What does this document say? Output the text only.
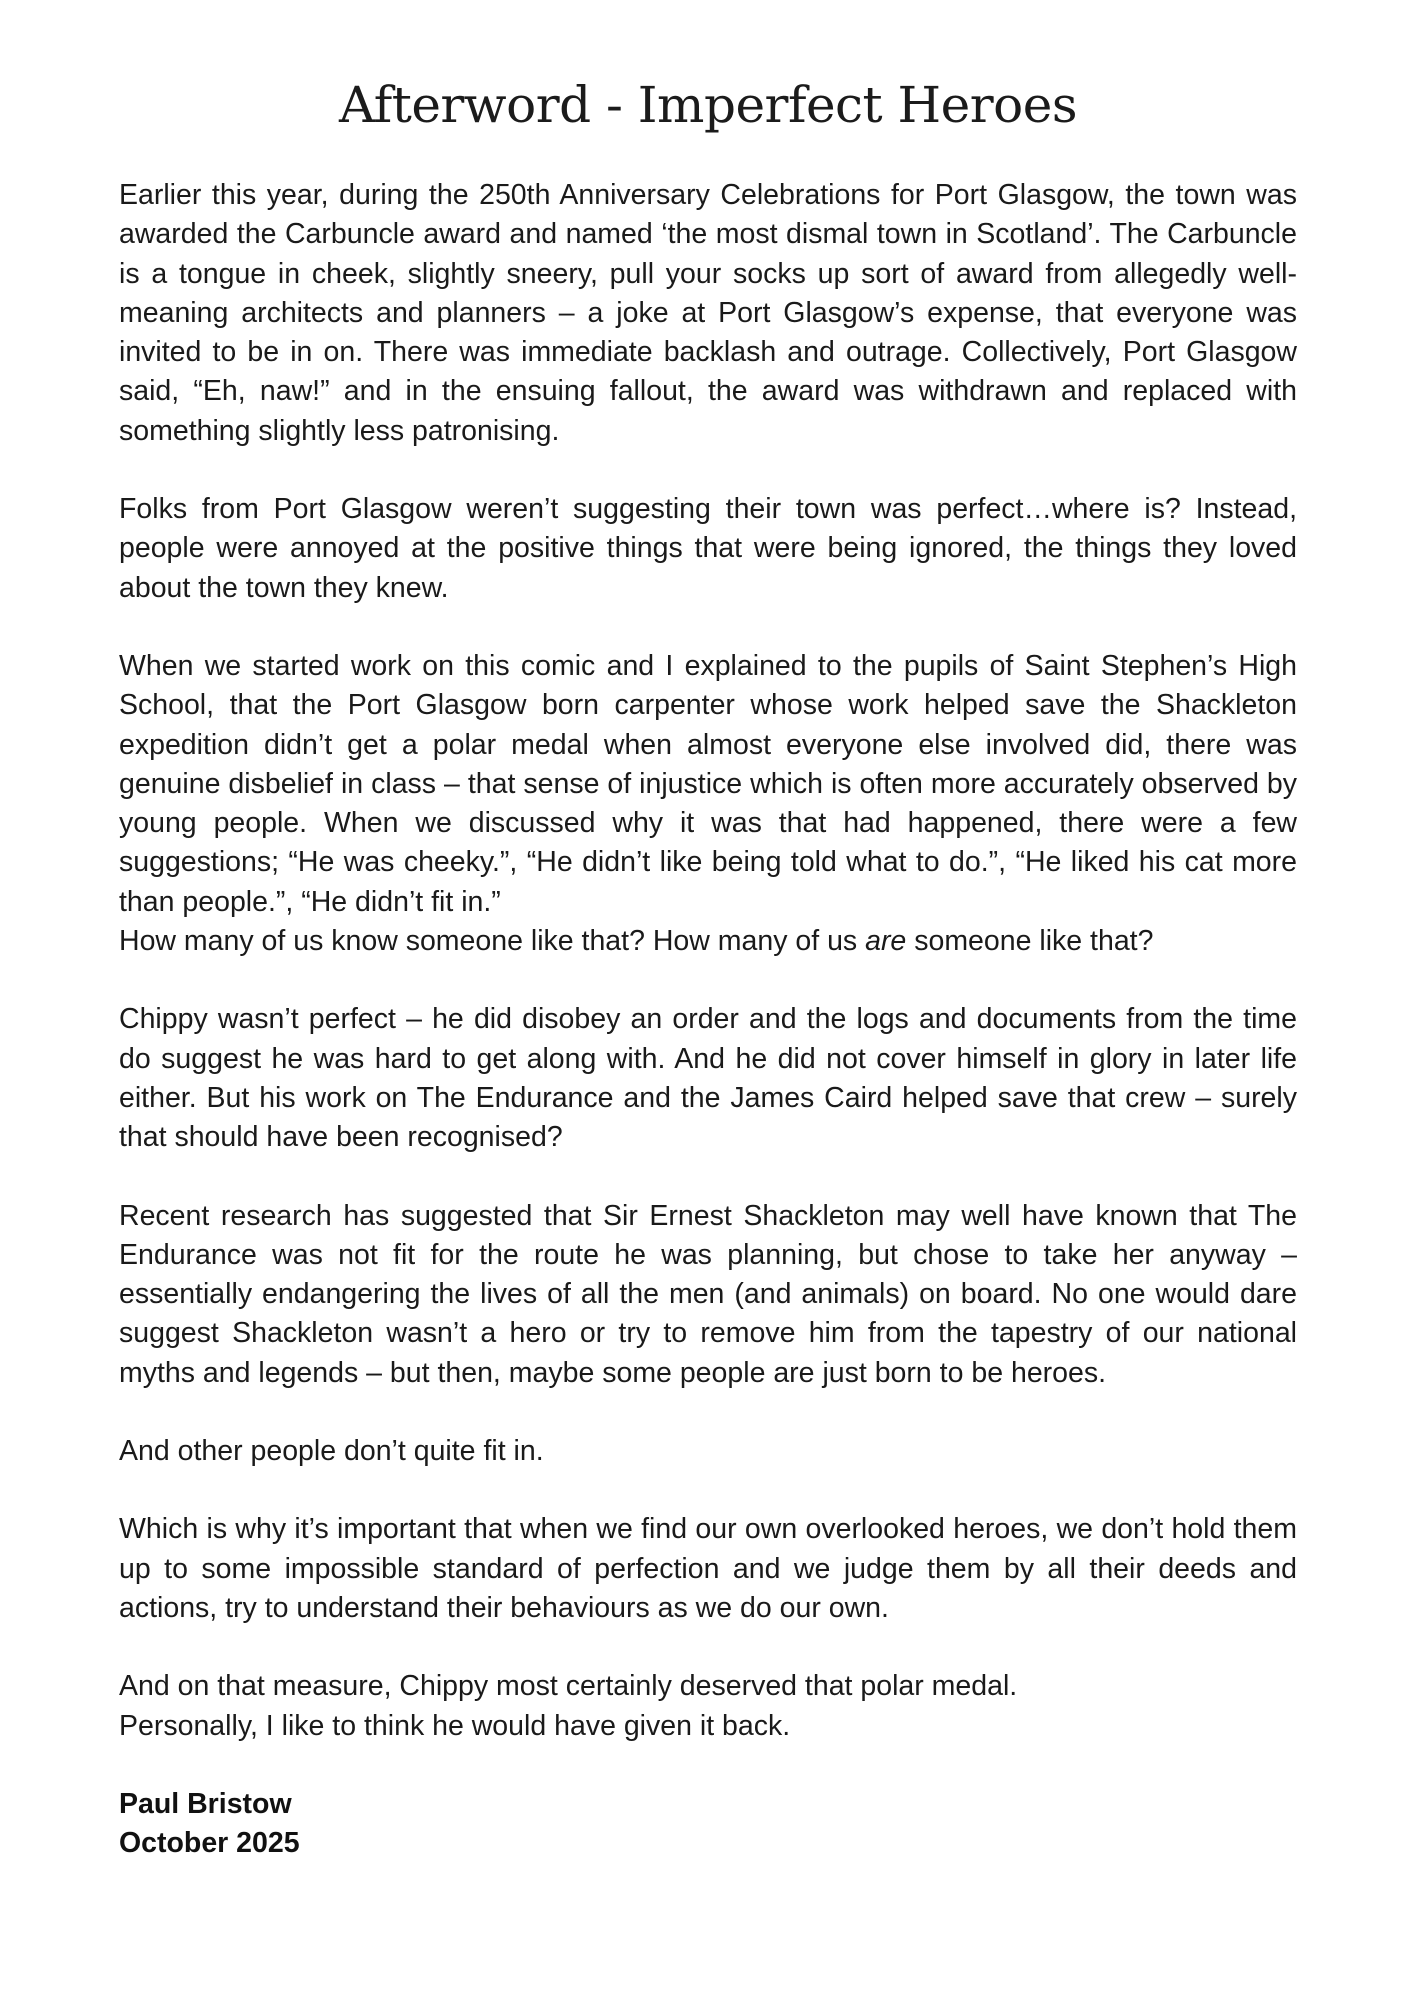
Afterword - Imperfect Heroes

Earlier this year, during the 250th Anniversary Celebrations for Port Glasgow, the town was awarded the Carbuncle award and named ‘the most dismal town in Scotland’. The Carbuncle is a tongue in cheek, slightly sneery, pull your socks up sort of award from allegedly well-meaning architects and planners – a joke at Port Glasgow’s expense, that everyone was invited to be in on. There was immediate backlash and outrage. Collectively, Port Glasgow said, “Eh, naw!” and in the ensuing fallout, the award was withdrawn and replaced with something slightly less patronising.

Folks from Port Glasgow weren’t suggesting their town was perfect…where is? Instead, people were annoyed at the positive things that were being ignored, the things they loved about the town they knew.

When we started work on this comic and I explained to the pupils of Saint Stephen’s High School, that the Port Glasgow born carpenter whose work helped save the Shackleton expedition didn’t get a polar medal when almost everyone else involved did, there was genuine disbelief in class – that sense of injustice which is often more accurately observed by young people. When we discussed why it was that had happened, there were a few suggestions; “He was cheeky.”, “He didn’t like being told what to do.”, “He liked his cat more than people.”, “He didn’t fit in.”
How many of us know someone like that? How many of us are someone like that?

Chippy wasn’t perfect – he did disobey an order and the logs and documents from the time do suggest he was hard to get along with. And he did not cover himself in glory in later life either. But his work on The Endurance and the James Caird helped save that crew – surely that should have been recognised?

Recent research has suggested that Sir Ernest Shackleton may well have known that The Endurance was not fit for the route he was planning, but chose to take her anyway – essentially endangering the lives of all the men (and animals) on board. No one would dare suggest Shackleton wasn’t a hero or try to remove him from the tapestry of our national myths and legends – but then, maybe some people are just born to be heroes.

And other people don’t quite fit in.

Which is why it’s important that when we find our own overlooked heroes, we don’t hold them up to some impossible standard of perfection and we judge them by all their deeds and actions, try to understand their behaviours as we do our own.

And on that measure, Chippy most certainly deserved that polar medal.
Personally, I like to think he would have given it back.

Paul Bristow
October 2025
